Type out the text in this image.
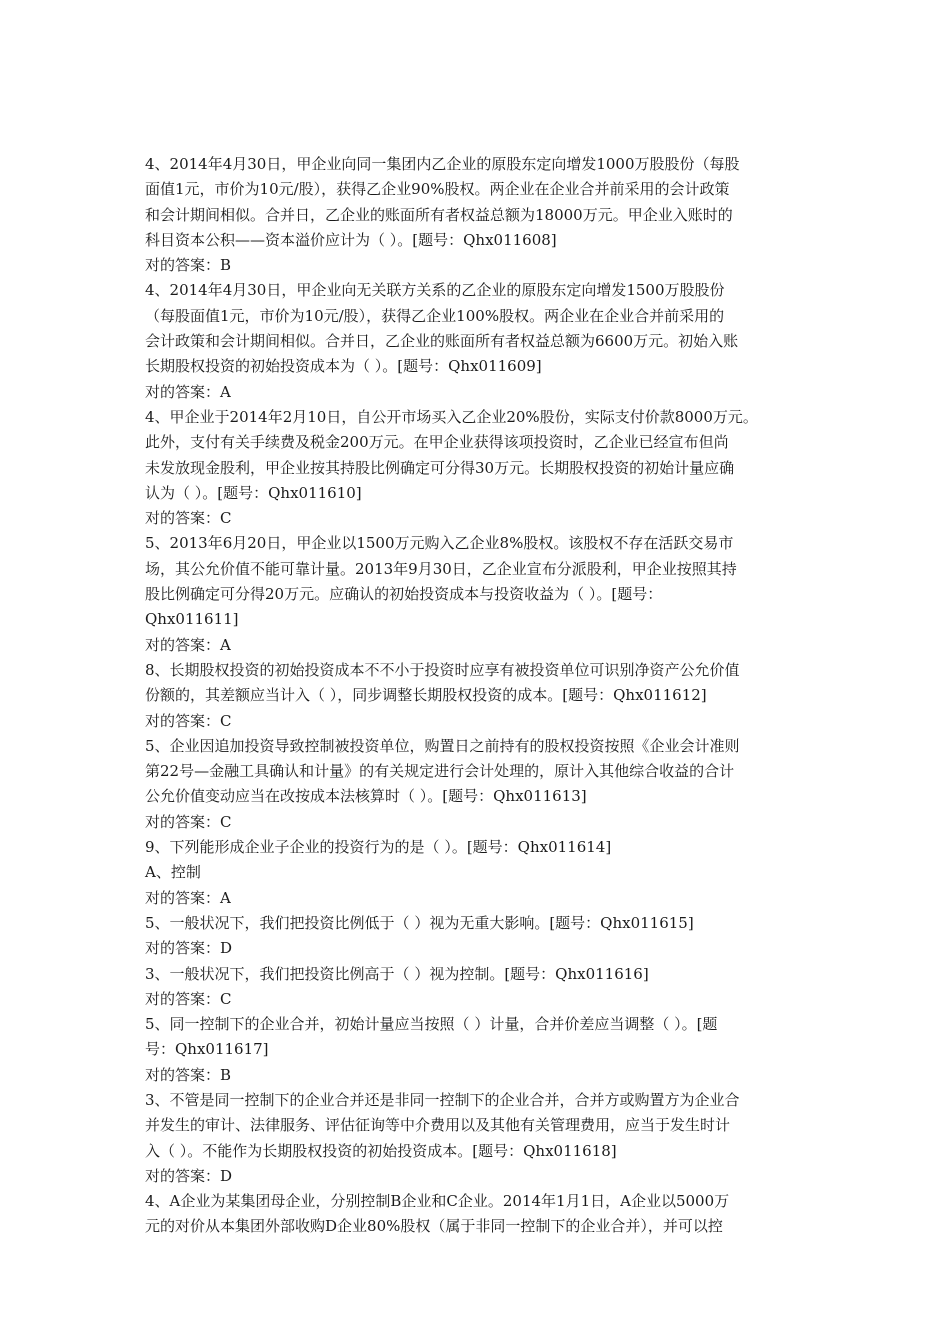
4、2014年4月30日，甲企业向同一集团内乙企业的原股东定向增发1000万股股份（每股
面值1元，市价为10元/股），获得乙企业90%股权。两企业在企业合并前采用的会计政策
和会计期间相似。合并日，乙企业的账面所有者权益总额为18000万元。甲企业入账时的
科目资本公积——资本溢价应计为（ ）。[题号：Qhx011608]
对的答案：B
4、2014年4月30日，甲企业向无关联方关系的乙企业的原股东定向增发1500万股股份
（每股面值1元，市价为10元/股），获得乙企业100%股权。两企业在企业合并前采用的
会计政策和会计期间相似。合并日，乙企业的账面所有者权益总额为6600万元。初始入账
长期股权投资的初始投资成本为（ ）。[题号：Qhx011609]
对的答案：A
4、甲企业于2014年2月10日，自公开市场买入乙企业20%股份，实际支付价款8000万元。
此外，支付有关手续费及税金200万元。在甲企业获得该项投资时，乙企业已经宣布但尚
未发放现金股利，甲企业按其持股比例确定可分得30万元。长期股权投资的初始计量应确
认为（ ）。[题号：Qhx011610]
对的答案：C
5、2013年6月20日，甲企业以1500万元购入乙企业8%股权。该股权不存在活跃交易市
场，其公允价值不能可靠计量。2013年9月30日，乙企业宣布分派股利，甲企业按照其持
股比例确定可分得20万元。应确认的初始投资成本与投资收益为（ ）。[题号：
Qhx011611]
对的答案：A
8、长期股权投资的初始投资成本不不小于投资时应享有被投资单位可识别净资产公允价值
份额的，其差额应当计入（ ），同步调整长期股权投资的成本。[题号：Qhx011612]
对的答案：C
5、企业因追加投资导致控制被投资单位，购置日之前持有的股权投资按照《企业会计准则
第22号—金融工具确认和计量》的有关规定进行会计处理的，原计入其他综合收益的合计
公允价值变动应当在改按成本法核算时（ ）。[题号：Qhx011613]
对的答案：C
9、下列能形成企业子企业的投资行为的是（ ）。[题号：Qhx011614]
A、控制
对的答案：A
5、一般状况下，我们把投资比例低于（ ）视为无重大影响。[题号：Qhx011615]
对的答案：D
3、一般状况下，我们把投资比例高于（ ）视为控制。[题号：Qhx011616]
对的答案：C
5、同一控制下的企业合并，初始计量应当按照（ ）计量，合并价差应当调整（ ）。[题
号：Qhx011617]
对的答案：B
3、不管是同一控制下的企业合并还是非同一控制下的企业合并，合并方或购置方为企业合
并发生的审计、法律服务、评估征询等中介费用以及其他有关管理费用，应当于发生时计
入（ ）。不能作为长期股权投资的初始投资成本。[题号：Qhx011618]
对的答案：D
4、A企业为某集团母企业，分别控制B企业和C企业。2014年1月1日，A企业以5000万
元的对价从本集团外部收购D企业80%股权（属于非同一控制下的企业合并），并可以控
